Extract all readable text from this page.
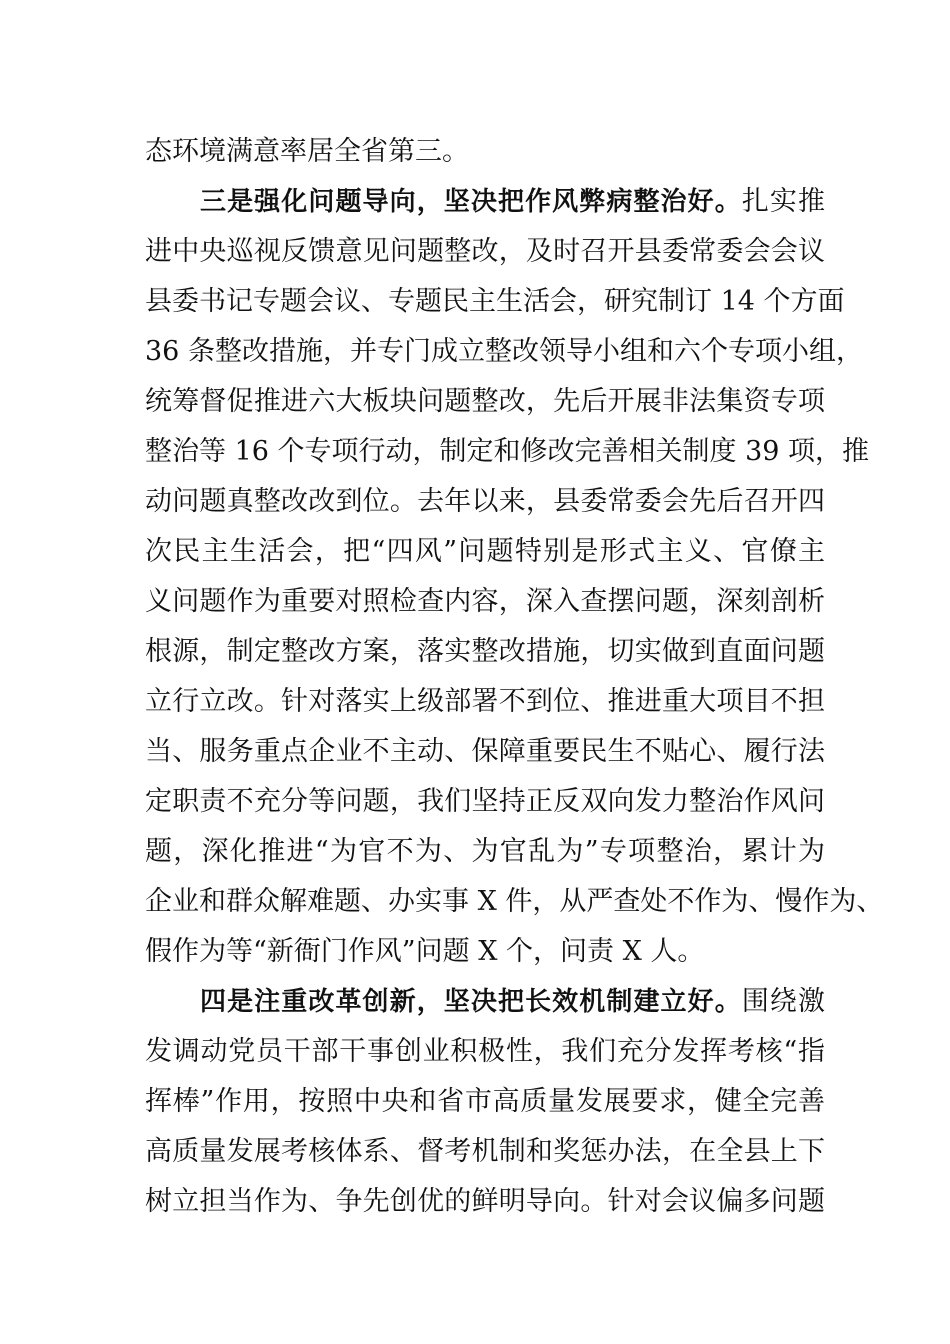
态环境满意率居全省第三。
三是强化问题导向，坚决把作风弊病整治好。扎实推
进中央巡视反馈意见问题整改，及时召开县委常委会会议
县委书记专题会议、专题民主生活会，研究制订 14 个方面
36 条整改措施，并专门成立整改领导小组和六个专项小组，
统筹督促推进六大板块问题整改，先后开展非法集资专项
整治等 16 个专项行动，制定和修改完善相关制度 39 项，推
动问题真整改改到位。去年以来，县委常委会先后召开四
次民主生活会，把“四风”问题特别是形式主义、官僚主
义问题作为重要对照检查内容，深入查摆问题，深刻剖析
根源，制定整改方案，落实整改措施，切实做到直面问题
立行立改。针对落实上级部署不到位、推进重大项目不担
当、服务重点企业不主动、保障重要民生不贴心、履行法
定职责不充分等问题，我们坚持正反双向发力整治作风问
题，深化推进“为官不为、为官乱为”专项整治，累计为
企业和群众解难题、办实事 X 件，从严查处不作为、慢作为、
假作为等“新衙门作风”问题 X 个，问责 X 人。
四是注重改革创新，坚决把长效机制建立好。围绕激
发调动党员干部干事创业积极性，我们充分发挥考核“指
挥棒”作用，按照中央和省市高质量发展要求，健全完善
高质量发展考核体系、督考机制和奖惩办法，在全县上下
树立担当作为、争先创优的鲜明导向。针对会议偏多问题
